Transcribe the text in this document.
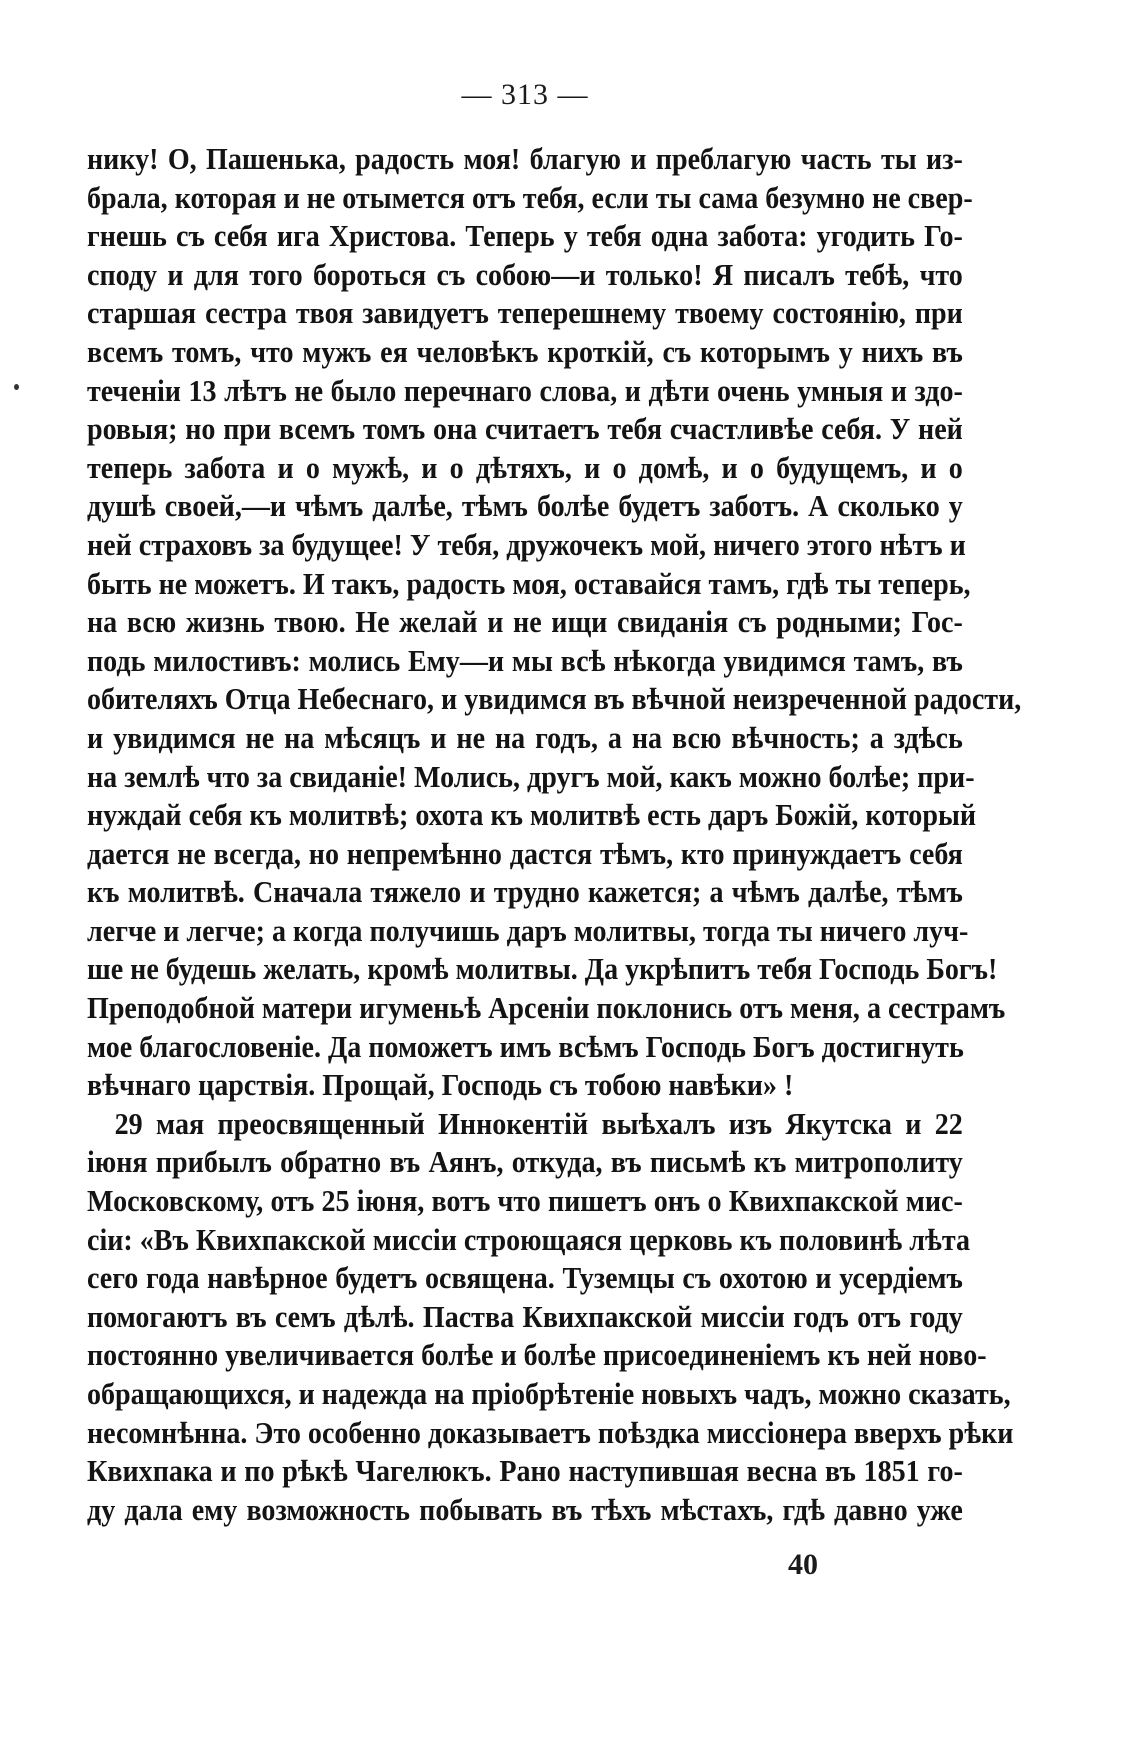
— 313 —
нику! О, Пашенька, радость моя! благую и преблагую часть ты из-
брала, которая и не отымется отъ тебя, если ты сама безумно не свер-
гнешь съ себя ига Христова. Теперь у тебя одна забота: угодить Го-
споду и для того бороться съ собою—и только! Я писалъ тебѣ, что
старшая сестра твоя завидуетъ теперешнему твоему состоянію, при
всемъ томъ, что мужъ ея человѣкъ кроткій, съ которымъ у нихъ въ
теченіи 13 лѣтъ не было перечнаго слова, и дѣти очень умныя и здо-
ровыя; но при всемъ томъ она считаетъ тебя счастливѣе себя. У ней
теперь забота и о мужѣ, и о дѣтяхъ, и о домѣ, и о будущемъ, и о
душѣ своей,—и чѣмъ далѣе, тѣмъ болѣе будетъ заботъ. А сколько у
ней страховъ за будущее! У тебя, дружочекъ мой, ничего этого нѣтъ и
быть не можетъ. И такъ, радость моя, оставайся тамъ, гдѣ ты теперь,
на всю жизнь твою. Не желай и не ищи свиданія съ родными; Гос-
подь милостивъ: молись Ему—и мы всѣ нѣкогда увидимся тамъ, въ
обителяхъ Отца Небеснаго, и увидимся въ вѣчной неизреченной радости,
и увидимся не на мѣсяцъ и не на годъ, а на всю вѣчность; а здѣсь
на землѣ что за свиданіе! Молись, другъ мой, какъ можно болѣе; при-
нуждай себя къ молитвѣ; охота къ молитвѣ есть даръ Божій, который
дается не всегда, но непремѣнно дастся тѣмъ, кто принуждаетъ себя
къ молитвѣ. Сначала тяжело и трудно кажется; а чѣмъ далѣе, тѣмъ
легче и легче; а когда получишь даръ молитвы, тогда ты ничего луч-
ше не будешь желать, кромѣ молитвы. Да укрѣпитъ тебя Господь Богъ!
Преподобной матери игуменьѣ Арсеніи поклонись отъ меня, а сестрамъ
мое благословеніе. Да поможетъ имъ всѣмъ Господь Богъ достигнуть
вѣчнаго царствія. Прощай, Господь съ тобою навѣки» !
29 мая преосвященный Иннокентій выѣхалъ изъ Якутска и 22
іюня прибылъ обратно въ Аянъ, откуда, въ письмѣ къ митрополиту
Московскому, отъ 25 іюня, вотъ что пишетъ онъ о Квихпакской мис-
сіи: «Въ Квихпакской миссіи строющаяся церковь къ половинѣ лѣта
сего года навѣрное будетъ освящена. Туземцы съ охотою и усердіемъ
помогаютъ въ семъ дѣлѣ. Паства Квихпакской миссіи годъ отъ году
постоянно увеличивается болѣе и болѣе присоединеніемъ къ ней ново-
обращающихся, и надежда на пріобрѣтеніе новыхъ чадъ, можно сказать,
несомнѣнна. Это особенно доказываетъ поѣздка миссіонера вверхъ рѣки
Квихпака и по рѣкѣ Чагелюкъ. Рано наступившая весна въ 1851 го-
ду дала ему возможность побывать въ тѣхъ мѣстахъ, гдѣ давно уже
40
